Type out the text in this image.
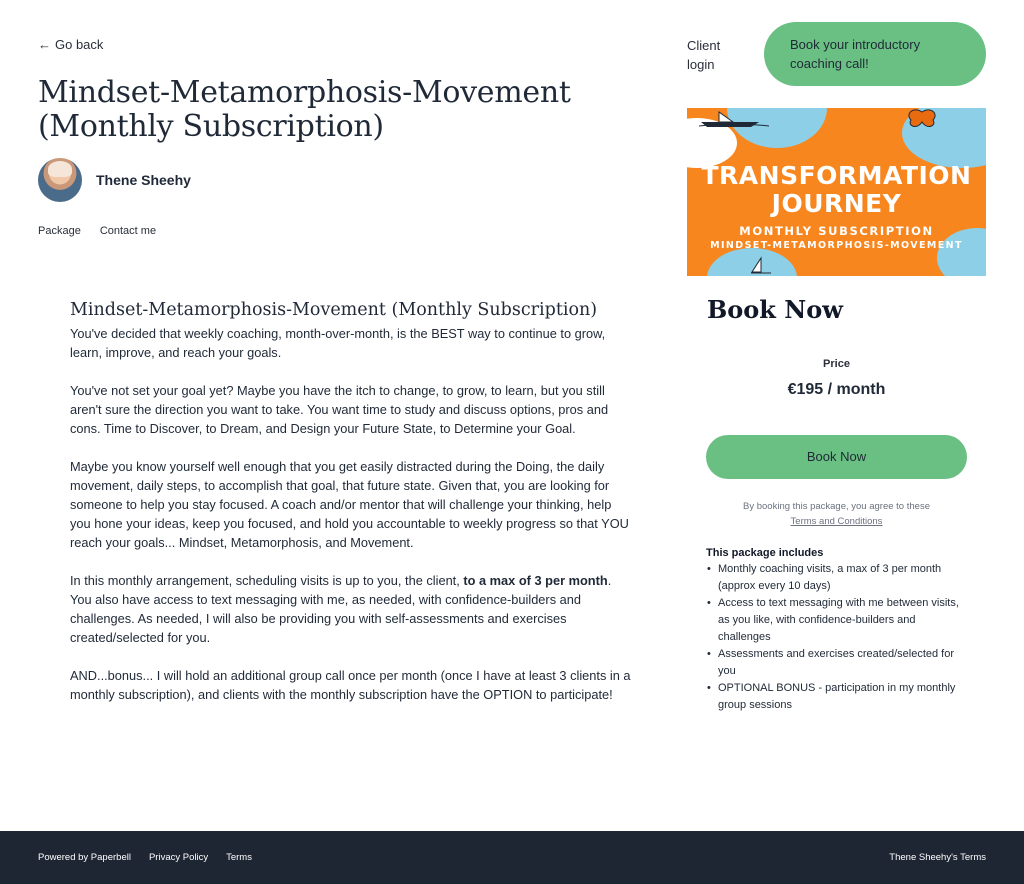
← Go back
Mindset-Metamorphosis-Movement (Monthly Subscription)
Thene Sheehy
Package Contact me
Mindset-Metamorphosis-Movement (Monthly Subscription)

You've decided that weekly coaching, month-over-month, is the BEST way to continue to grow, learn, improve, and reach your goals.

You've not set your goal yet? Maybe you have the itch to change, to grow, to learn, but you still aren't sure the direction you want to take. You want time to study and discuss options, pros and cons. Time to Discover, to Dream, and Design your Future State, to Determine your Goal.

Maybe you know yourself well enough that you get easily distracted during the Doing, the daily movement, daily steps, to accomplish that goal, that future state. Given that, you are looking for someone to help you stay focused. A coach and/or mentor that will challenge your thinking, help you hone your ideas, keep you focused, and hold you accountable to weekly progress so that YOU reach your goals... Mindset, Metamorphosis, and Movement.

In this monthly arrangement, scheduling visits is up to you, the client, to a max of 3 per month. You also have access to text messaging with me, as needed, with confidence-builders and challenges. As needed, I will also be providing you with self-assessments and exercises created/selected for you.

AND...bonus... I will hold an additional group call once per month (once I have at least 3 clients in a monthly subscription), and clients with the monthly subscription have the OPTION to participate!

Client login
Book your introductory coaching call!
TRANSFORMATION
JOURNEY
MONTHLY SUBSCRIPTION
MINDSET-METAMORPHOSIS-MOVEMENT
Book Now
Price
€195 / month
Book Now
By booking this package, you agree to these
Terms and Conditions
This package includes
• Monthly coaching visits, a max of 3 per month (approx every 10 days)
• Access to text messaging with me between visits, as you like, with confidence-builders and challenges
• Assessments and exercises created/selected for you
• OPTIONAL BONUS - participation in my monthly group sessions
Powered by Paperbell Privacy Policy Terms	Thene Sheehy's Terms
